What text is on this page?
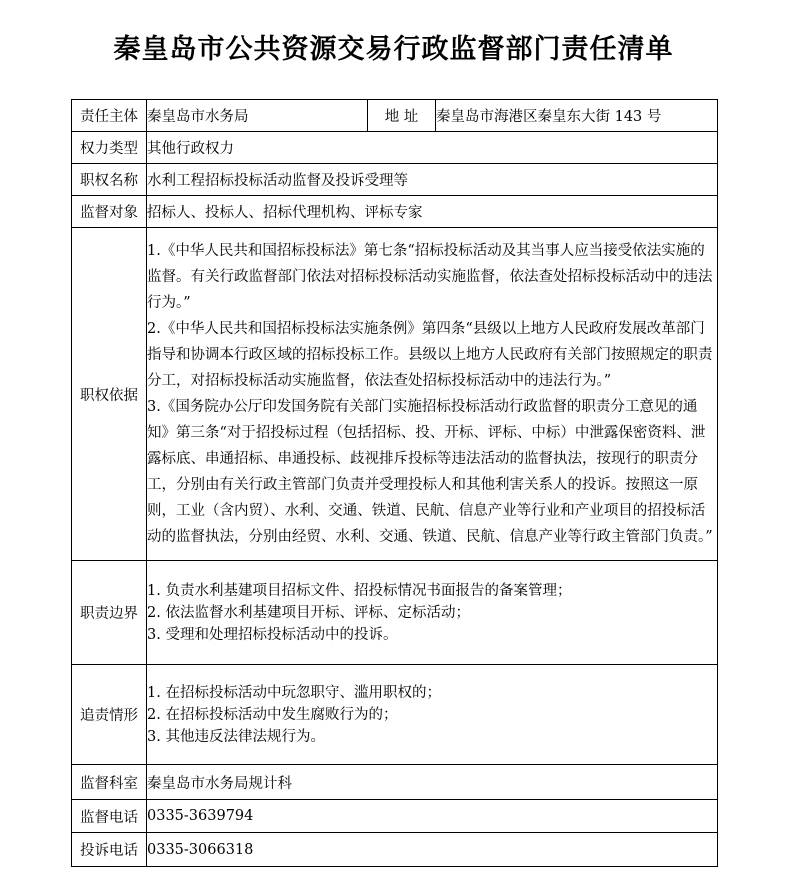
秦皇岛市公共资源交易行政监督部门责任清单
责任主体	秦皇岛市水务局	地 址	秦皇岛市海港区秦皇东大街 143 号
权力类型	其他行政权力		
职权名称	水利工程招标投标活动监督及投诉受理等		
监督对象	招标人、投标人、招标代理机构、评标专家		
职权依据	1.《中华人民共和国招标投标法》第七条“招标投标活动及其当事人应当接受依法实施的监督。有关行政监督部门依法对招标投标活动实施监督，依法查处招标投标活动中的违法行为。”

2.《中华人民共和国招标投标法实施条例》第四条“县级以上地方人民政府发展改革部门指导和协调本行政区域的招标投标工作。县级以上地方人民政府有关部门按照规定的职责分工，对招标投标活动实施监督，依法查处招标投标活动中的违法行为。”

3.《国务院办公厅印发国务院有关部门实施招标投标活动行政监督的职责分工意见的通知》第三条“对于招投标过程（包括招标、投、开标、评标、中标）中泄露保密资料、泄露标底、串通招标、串通投标、歧视排斥投标等违法活动的监督执法，按现行的职责分工，分别由有关行政主管部门负责并受理投标人和其他利害关系人的投诉。按照这一原则，工业（含内贸）、水利、交通、铁道、民航、信息产业等行业和产业项目的招投标活动的监督执法，分别由经贸、水利、交通、铁道、民航、信息产业等行政主管部门负责。”		

职责边界	1. 负责水利基建项目招标文件、招投标情况书面报告的备案管理；

2. 依法监督水利基建项目开标、评标、定标活动；

3. 受理和处理招标投标活动中的投诉。		

追责情形	1. 在招标投标活动中玩忽职守、滥用职权的；

2. 在招标投标活动中发生腐败行为的；

3. 其他违反法律法规行为。		

监督科室	秦皇岛市水务局规计科		
监督电话	0335-3639794		
投诉电话	0335-3066318		
